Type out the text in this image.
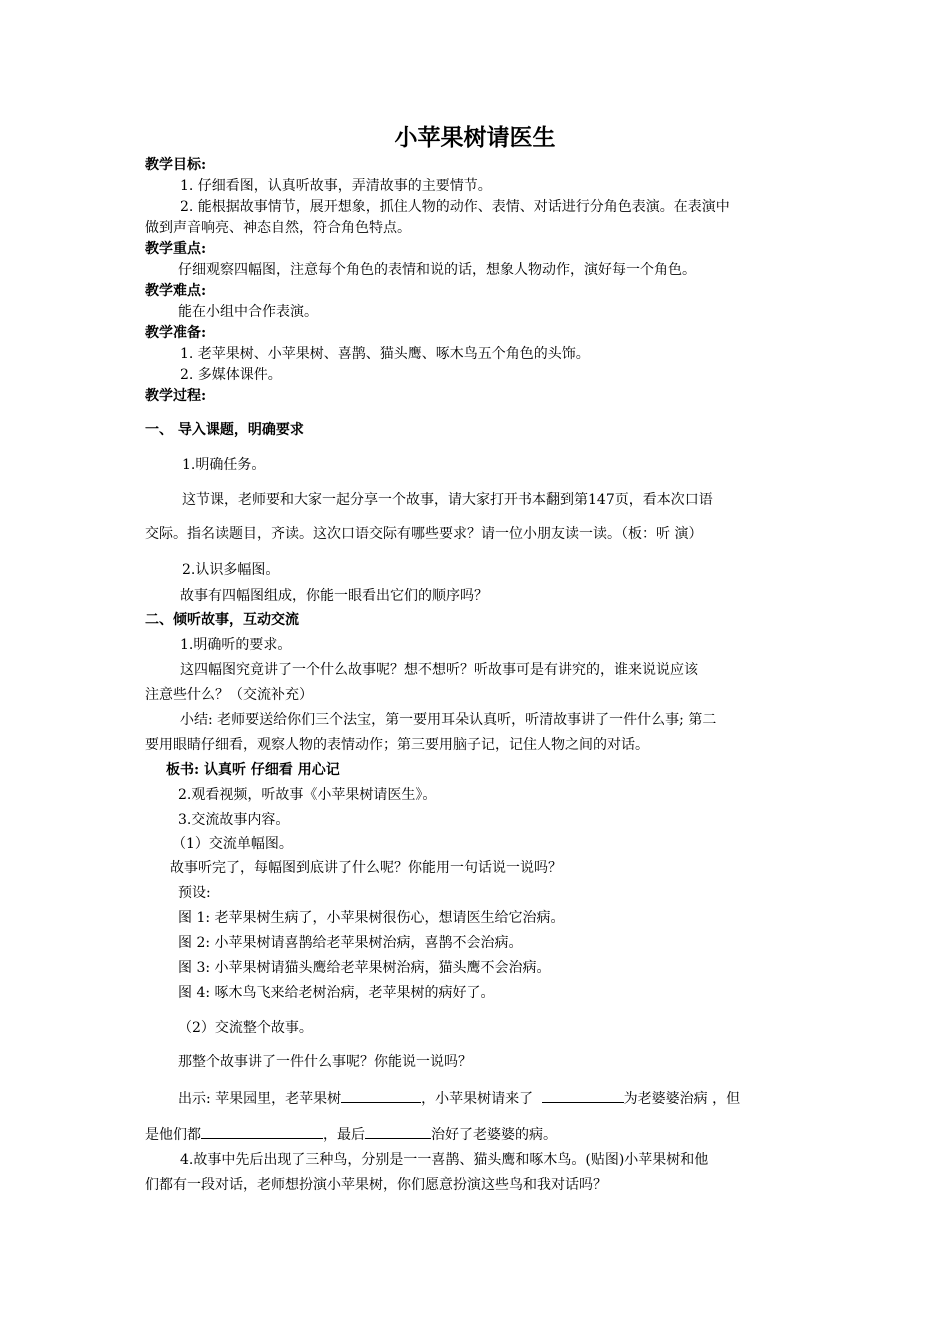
小苹果树请医生
教学目标:
1. 仔细看图，认真听故事，弄清故事的主要情节。
2. 能根据故事情节，展开想象，抓住人物的动作、表情、对话进行分角色表演。在表演中
做到声音响亮、神态自然，符合角色特点。
教学重点:
仔细观察四幅图，注意每个角色的表情和说的话，想象人物动作，演好每一个角色。
教学难点:
能在小组中合作表演。
教学准备:
1. 老苹果树、小苹果树、喜鹊、猫头鹰、啄木鸟五个角色的头饰。
2. 多媒体课件。
教学过程:
一、 导入课题，明确要求
1.明确任务。
这节课，老师要和大家一起分享一个故事，请大家打开书本翻到第147页，看本次口语
交际。指名读题目，齐读。这次口语交际有哪些要求？请一位小朋友读一读。（板：听 演）
2.认识多幅图。
故事有四幅图组成，你能一眼看出它们的顺序吗？
二、倾听故事，互动交流
1.明确听的要求。
这四幅图究竟讲了一个什么故事呢？想不想听？听故事可是有讲究的，谁来说说应该
注意些什么？（交流补充）
小结: 老师要送给你们三个法宝，第一要用耳朵认真听，听清故事讲了一件什么事; 第二
要用眼睛仔细看，观察人物的表情动作；第三要用脑子记，记住人物之间的对话。
板书: 认真听 仔细看 用心记
2.观看视频，听故事《小苹果树请医生》。
3.交流故事内容。
（1）交流单幅图。
故事听完了，每幅图到底讲了什么呢？你能用一句话说一说吗？
预设:
图 1: 老苹果树生病了，小苹果树很伤心，想请医生给它治病。
图 2: 小苹果树请喜鹊给老苹果树治病，喜鹊不会治病。
图 3: 小苹果树请猫头鹰给老苹果树治病，猫头鹰不会治病。
图 4: 啄木鸟飞来给老树治病，老苹果树的病好了。
（2）交流整个故事。
那整个故事讲了一件什么事呢？你能说一说吗？
出示: 苹果园里，老苹果树	，小苹果树请来了	为老婆婆治病 ，但
是他们都	，最后	治好了老婆婆的病。
4.故事中先后出现了三种鸟，分别是一一喜鹊、猫头鹰和啄木鸟。(贴图)小苹果树和他
们都有一段对话，老师想扮演小苹果树，你们愿意扮演这些鸟和我对话吗？
